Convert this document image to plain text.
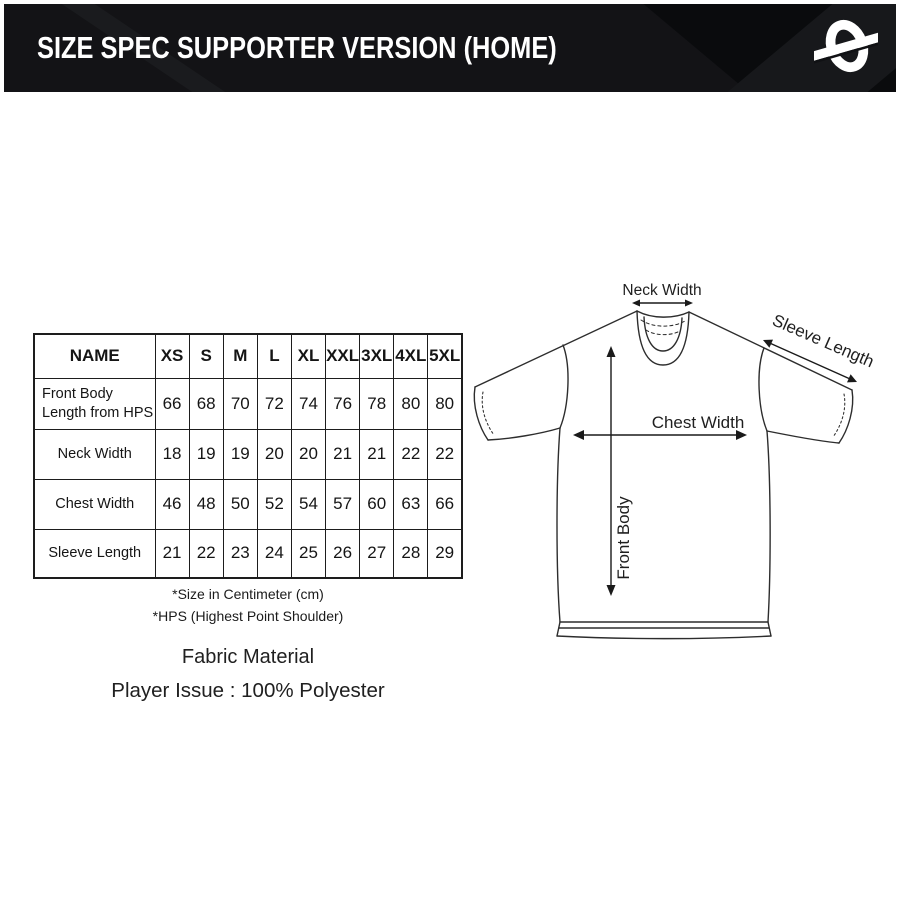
SIZE SPEC SUPPORTER VERSION (HOME)
NAME	XS	S	M	L	XL	XXL	3XL	4XL	5XL

Front Body
Length from HPS	66	68	70	72	74	76	78	80	80
Neck Width	18	19	19	20	20	21	21	22	22
Chest Width	46	48	50	52	54	57	60	63	66
Sleeve Length	21	22	23	24	25	26	27	28	29
*Size in Centimeter (cm)
*HPS (Highest Point Shoulder)
Fabric Material
Player Issue : 100% Polyester
Neck Width
Chest Width
Sleeve Length
Front Body
